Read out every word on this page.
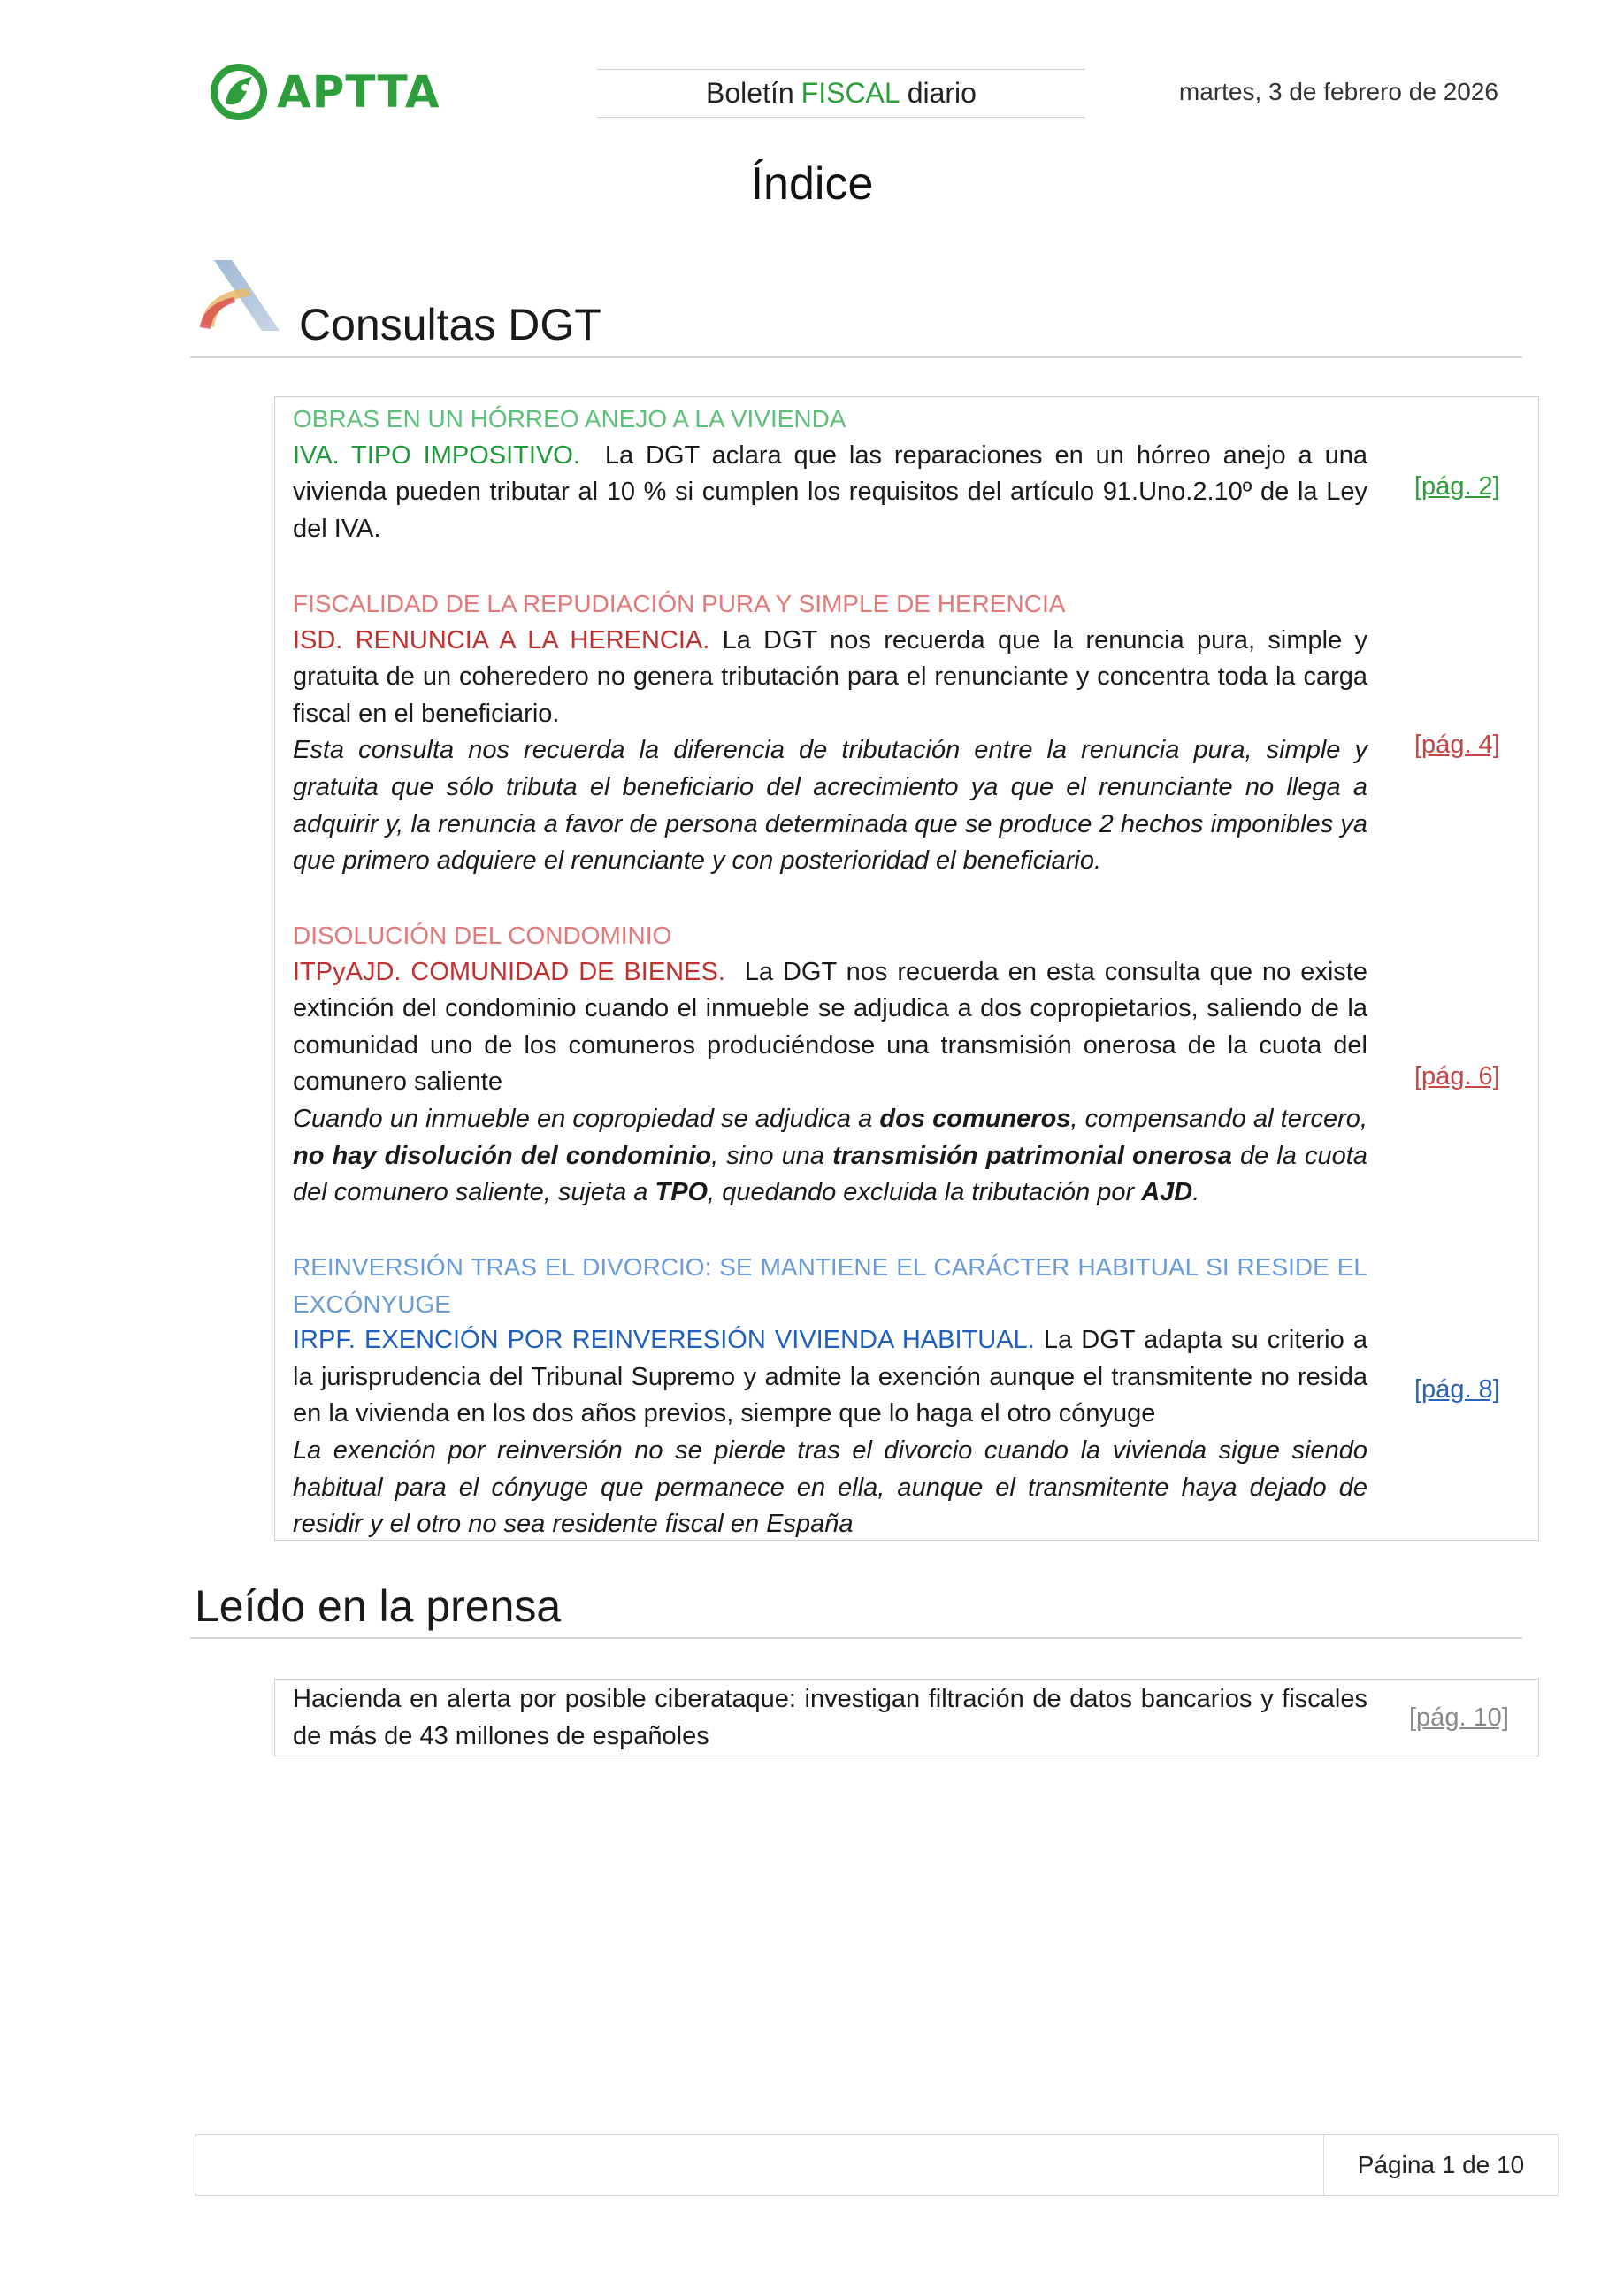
APTTA	Boletín FISCAL diario	martes, 3 de febrero de 2026
Índice
Consultas DGT

OBRAS EN UN HÓRREO ANEJO A LA VIVIENDA

IVA. TIPO IMPOSITIVO. La DGT aclara que las reparaciones en un hórreo anejo a una vivienda pueden tributar al 10 % si cumplen los requisitos del artículo 91.Uno.2.10º de la Ley del IVA.

[pág. 2]

FISCALIDAD DE LA REPUDIACIÓN PURA Y SIMPLE DE HERENCIA

ISD. RENUNCIA A LA HERENCIA. La DGT nos recuerda que la renuncia pura, simple y gratuita de un coheredero no genera tributación para el renunciante y concentra toda la carga fiscal en el beneficiario.

Esta consulta nos recuerda la diferencia de tributación entre la renuncia pura, simple y gratuita que sólo tributa el beneficiario del acrecimiento ya que el renunciante no llega a adquirir y, la renuncia a favor de persona determinada que se produce 2 hechos imponibles ya que primero adquiere el renunciante y con posterioridad el beneficiario.

[pág. 4]

DISOLUCIÓN DEL CONDOMINIO

ITPyAJD. COMUNIDAD DE BIENES. La DGT nos recuerda en esta consulta que no existe extinción del condominio cuando el inmueble se adjudica a dos copropietarios, saliendo de la comunidad uno de los comuneros produciéndose una transmisión onerosa de la cuota del comunero saliente

Cuando un inmueble en copropiedad se adjudica a dos comuneros, compensando al tercero, no hay disolución del condominio, sino una transmisión patrimonial onerosa de la cuota del comunero saliente, sujeta a TPO, quedando excluida la tributación por AJD.

[pág. 6]

REINVERSIÓN TRAS EL DIVORCIO: SE MANTIENE EL CARÁCTER HABITUAL SI RESIDE EL EXCÓNYUGE

IRPF. EXENCIÓN POR REINVERESIÓN VIVIENDA HABITUAL. La DGT adapta su criterio a la jurisprudencia del Tribunal Supremo y admite la exención aunque el transmitente no resida en la vivienda en los dos años previos, siempre que lo haga el otro cónyuge

La exención por reinversión no se pierde tras el divorcio cuando la vivienda sigue siendo habitual para el cónyuge que permanece en ella, aunque el transmitente haya dejado de residir y el otro no sea residente fiscal en España

[pág. 8]
Leído en la prensa

Hacienda en alerta por posible ciberataque: investigan filtración de datos bancarios y fiscales de más de 43 millones de españoles

[pág. 10]
Página 1 de 10
